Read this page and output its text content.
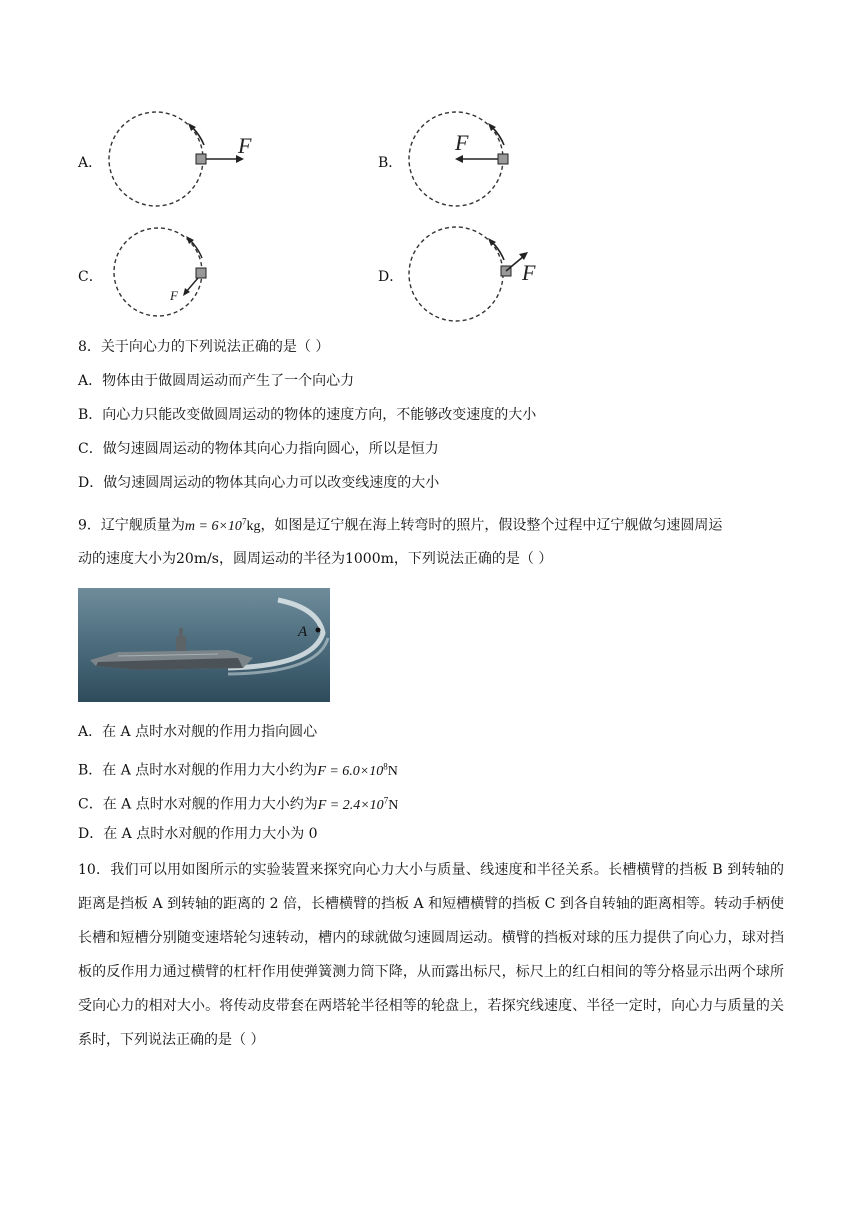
A．
F
B．
F
C．
F
D．	F
8．关于向心力的下列说法正确的是（ ）
A．物体由于做圆周运动而产生了一个向心力
B．向心力只能改变做圆周运动的物体的速度方向，不能够改变速度的大小
C．做匀速圆周运动的物体其向心力指向圆心，所以是恒力
D．做匀速圆周运动的物体其向心力可以改变线速度的大小
9．辽宁舰质量为$m = 6\times 10^7kg$，如图是辽宁舰在海上转弯时的照片，假设整个过程中辽宁舰做匀速圆周运
动的速度大小为20m/s，圆周运动的半径为1000m，下列说法正确的是（ ）
A
A．在 A 点时水对舰的作用力指向圆心
B．在 A 点时水对舰的作用力大小约为$F = 6.0\times 10^8N$
C．在 A 点时水对舰的作用力大小约为$F = 2.4\times 10^7N$
D．在 A 点时水对舰的作用力大小为 0
10．我们可以用如图所示的实验装置来探究向心力大小与质量、线速度和半径关系。长槽横臂的挡板 B 到转轴的距离是挡板 A 到转轴的距离的 2 倍，长槽横臂的挡板 A 和短槽横臂的挡板 C 到各自转轴的距离相等。转动手柄使长槽和短槽分别随变速塔轮匀速转动，槽内的球就做匀速圆周运动。横臂的挡板对球的压力提供了向心力，球对挡板的反作用力通过横臂的杠杆作用使弹簧测力筒下降，从而露出标尺，标尺上的红白相间的等分格显示出两个球所受向心力的相对大小。将传动皮带套在两塔轮半径相等的轮盘上，若探究线速度、半径一定时，向心力与质量的关系时，下列说法正确的是（ ）
